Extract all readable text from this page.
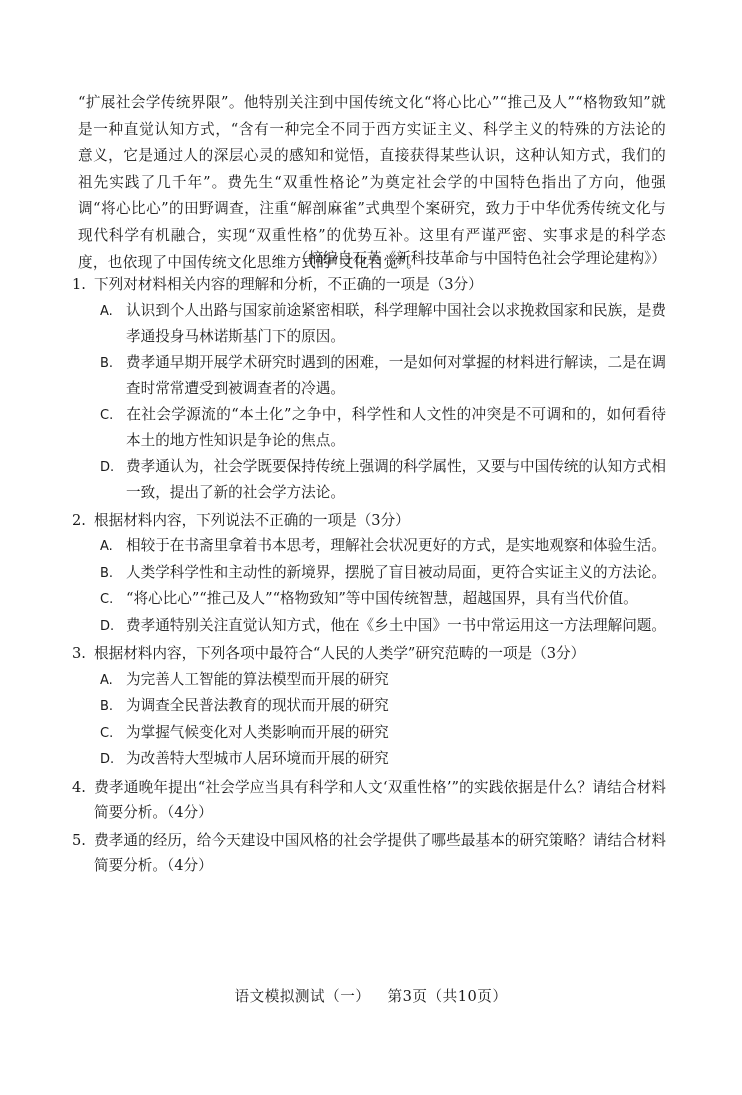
“扩展社会学传统界限”。他特别关注到中国传统文化“将心比心”“推己及人”“格物致知”就是一种直觉认知方式，“含有一种完全不同于西方实证主义、科学主义的特殊的方法论的意义，它是通过人的深层心灵的感知和觉悟，直接获得某些认识，这种认知方式，我们的祖先实践了几千年”。费先生“双重性格论”为奠定社会学的中国特色指出了方向，他强调“将心比心”的田野调查，注重“解剖麻雀”式典型个案研究，致力于中华优秀传统文化与现代科学有机融合，实现“双重性格”的优势互补。这里有严谨严密、实事求是的科学态度，也依现了中国传统文化思维方式的“文化自觉”。
（摘编自石英《新科技革命与中国特色社会学理论建构》）
1. 下列对材料相关内容的理解和分析，不正确的一项是（3分）
A. 认识到个人出路与国家前途紧密相联，科学理解中国社会以求挽救国家和民族，是费孝通投身马林诺斯基门下的原因。
B. 费孝通早期开展学术研究时遇到的困难，一是如何对掌握的材料进行解读，二是在调查时常常遭受到被调查者的冷遇。
C. 在社会学源流的“本土化”之争中，科学性和人文性的冲突是不可调和的，如何看待本土的地方性知识是争论的焦点。
D. 费孝通认为，社会学既要保持传统上强调的科学属性，又要与中国传统的认知方式相一致，提出了新的社会学方法论。
2. 根据材料内容，下列说法不正确的一项是（3分）
A. 相较于在书斋里拿着书本思考，理解社会状况更好的方式，是实地观察和体验生活。
B. 人类学科学性和主动性的新境界，摆脱了盲目被动局面，更符合实证主义的方法论。
C. “将心比心”“推己及人”“格物致知”等中国传统智慧，超越国界，具有当代价值。
D. 费孝通特别关注直觉认知方式，他在《乡土中国》一书中常运用这一方法理解问题。
3. 根据材料内容，下列各项中最符合“人民的人类学”研究范畴的一项是（3分）
A. 为完善人工智能的算法模型而开展的研究
B. 为调查全民普法教育的现状而开展的研究
C. 为掌握气候变化对人类影响而开展的研究
D. 为改善特大型城市人居环境而开展的研究
4. 费孝通晚年提出“社会学应当具有科学和人文‘双重性格’”的实践依据是什么？请结合材料简要分析。（4分）
5. 费孝通的经历，给今天建设中国风格的社会学提供了哪些最基本的研究策略？请结合材料简要分析。（4分）
语文模拟测试（一） 第3页（共10页）
